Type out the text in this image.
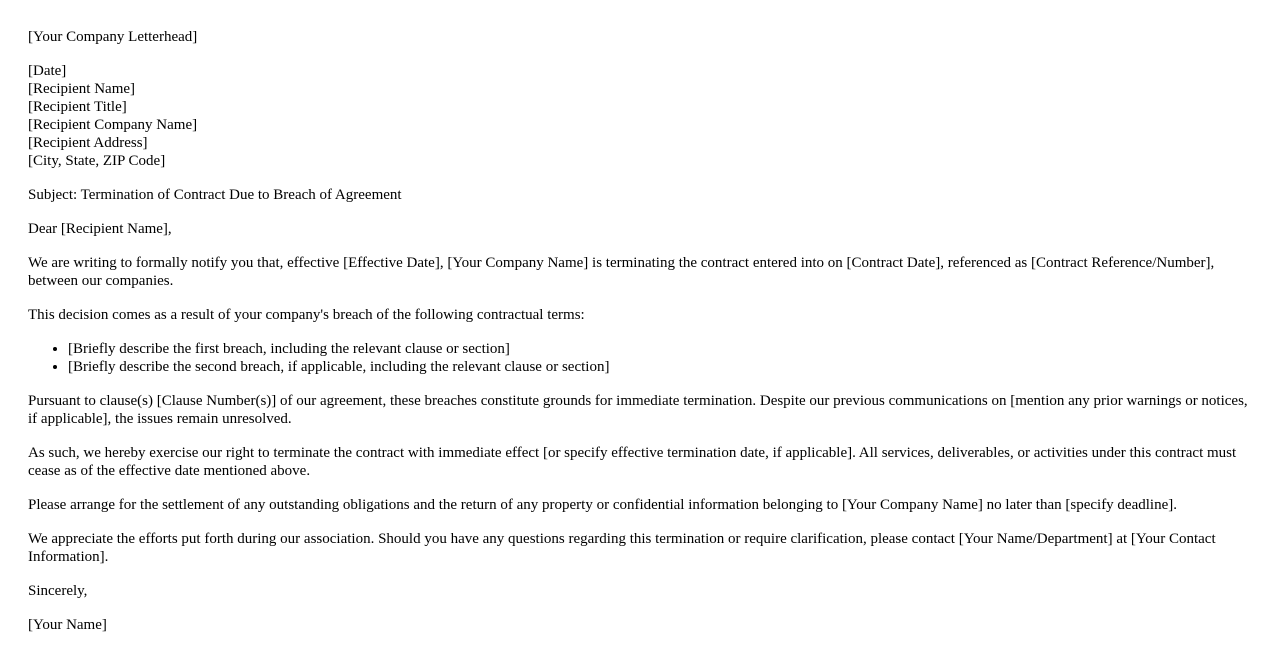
[Your Company Letterhead]

[Date]
[Recipient Name]
[Recipient Title]
[Recipient Company Name]
[Recipient Address]
[City, State, ZIP Code]

Subject: Termination of Contract Due to Breach of Agreement

Dear [Recipient Name],

We are writing to formally notify you that, effective [Effective Date], [Your Company Name] is terminating the contract entered into on [Contract Date], referenced as [Contract Reference/Number], between our companies.

This decision comes as a result of your company's breach of the following contractual terms:

• [Briefly describe the first breach, including the relevant clause or section]
• [Briefly describe the second breach, if applicable, including the relevant clause or section]

Pursuant to clause(s) [Clause Number(s)] of our agreement, these breaches constitute grounds for immediate termination. Despite our previous communications on [mention any prior warnings or notices, if applicable], the issues remain unresolved.

As such, we hereby exercise our right to terminate the contract with immediate effect [or specify effective termination date, if applicable]. All services, deliverables, or activities under this contract must cease as of the effective date mentioned above.

Please arrange for the settlement of any outstanding obligations and the return of any property or confidential information belonging to [Your Company Name] no later than [specify deadline].

We appreciate the efforts put forth during our association. Should you have any questions regarding this termination or require clarification, please contact [Your Name/Department] at [Your Contact Information].

Sincerely,

[Your Name]
